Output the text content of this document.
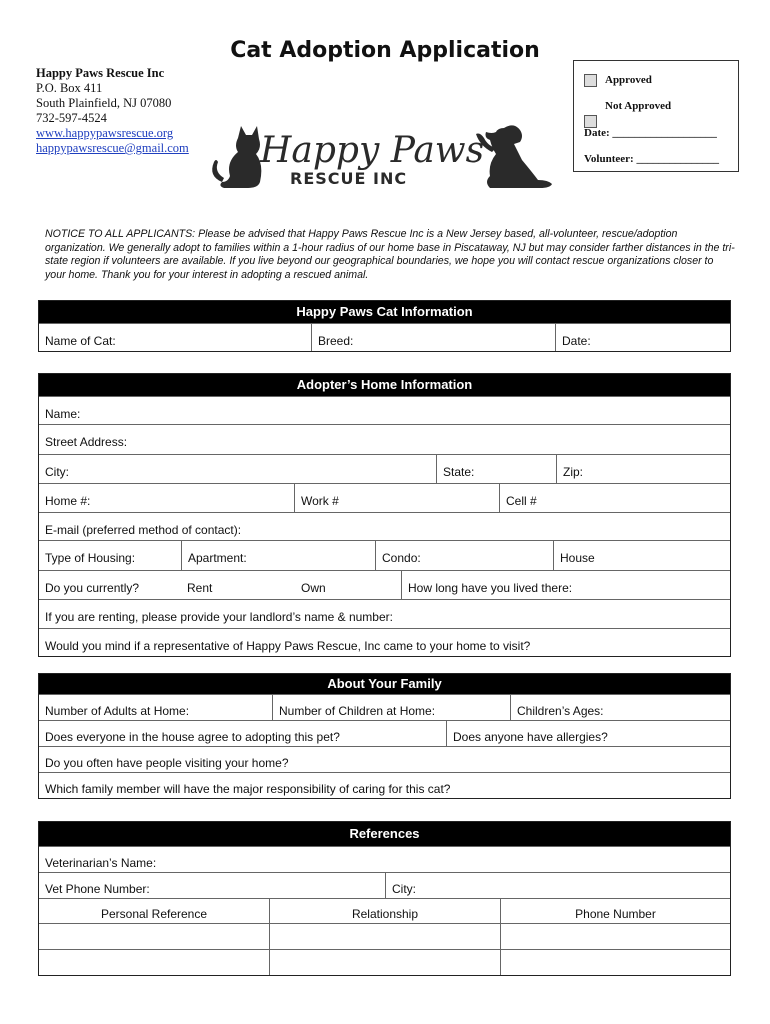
Cat Adoption Application
Happy Paws Rescue Inc
P.O. Box 411
South Plainfield, NJ 07080
732-597-4524
www.happypawsrescue.org
happypawsrescue@gmail.com
Approved
Not Approved
Date: ___________________
Volunteer: _______________
Happy Paws
RESCUE INC
NOTICE TO ALL APPLICANTS: Please be advised that Happy Paws Rescue Inc is a New Jersey based, all-volunteer, rescue/adoption organization. We generally adopt to families within a 1-hour radius of our home base in Piscataway, NJ but may consider farther distances in the tri-state region if volunteers are available. If you live beyond our geographical boundaries, we hope you will contact rescue organizations closer to your home. Thank you for your interest in adopting a rescued animal.
Happy Paws Cat Information
Name of Cat:	Breed:	Date:
Adopter’s Home Information
Name:
Street Address:
City:	State:	Zip:
Home #:	Work #	Cell #
E-mail (preferred method of contact):
Type of Housing:	Apartment:	Condo:	House
Do you currently?	Rent	Own	How long have you lived there:
If you are renting, please provide your landlord’s name & number:
Would you mind if a representative of Happy Paws Rescue, Inc came to your home to visit?
About Your Family
Number of Adults at Home:	Number of Children at Home:	Children’s Ages:
Does everyone in the house agree to adopting this pet?	Does anyone have allergies?
Do you often have people visiting your home?
Which family member will have the major responsibility of caring for this cat?
References
Veterinarian’s Name:
Vet Phone Number:	City:
Personal Reference	Relationship	Phone Number
